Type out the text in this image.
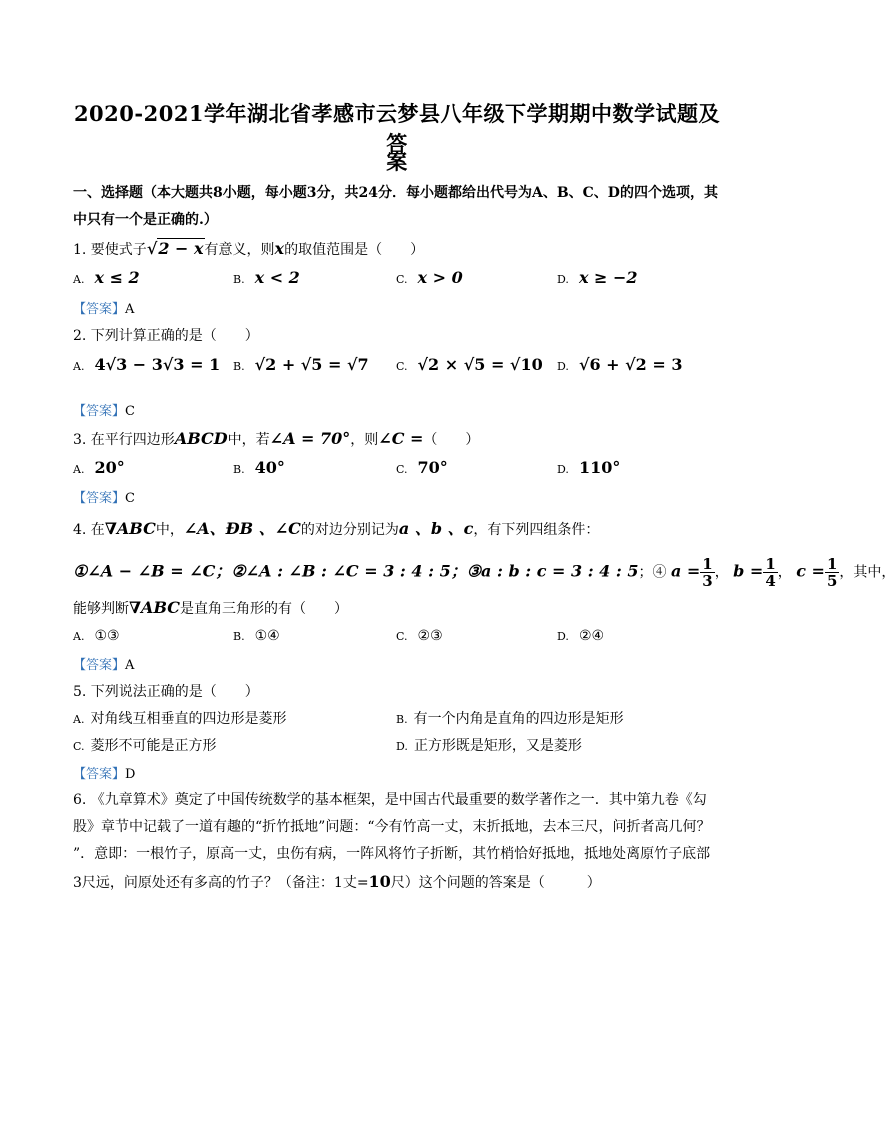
2020-2021学年湖北省孝感市云梦县八年级下学期期中数学试题及答
案
一、选择题（本大题共8小题，每小题3分，共24分．每小题都给出代号为A、B、C、D的四个选项，其
中只有一个是正确的.）
1. 要使式子√2 − x有意义，则x的取值范围是（　　）
A. x ≤ 2	B. x < 2	C. x > 0	D. x ≥ −2
【答案】A
2. 下列计算正确的是（　　）
A. 4√3 − 3√3 = 1 B. √2 + √5 = √7 C. √2 × √5 = √10 D. √6 + √2 = 3
【答案】C
3. 在平行四边形ABCD中，若∠A = 70°，则∠C =（　　）
A. 20°	B. 40°	C. 70°	D. 110°
【答案】C
4. 在∇ABC中，∠A、ÐB 、∠C的对边分别记为a 、b 、c，有下列四组条件：
①∠A − ∠B = ∠C；②∠A : ∠B : ∠C = 3 : 4 : 5；③a : b : c = 3 : 4 : 5；④ $a = \frac{1}{3}$ ， $b = \frac{1}{4}$ ， $c = \frac{1}{5}$ ，其中，
能够判断∇ABC是直角三角形的有（　　）
A. ①③	B. ①④	C. ②③	D. ②④
【答案】A
5. 下列说法正确的是（　　）
A. 对角线互相垂直的四边形是菱形	B. 有一个内角是直角的四边形是矩形
C. 菱形不可能是正方形	D. 正方形既是矩形，又是菱形
【答案】D
6. 《九章算术》奠定了中国传统数学的基本框架，是中国古代最重要的数学著作之一．其中第九卷《勾
股》章节中记载了一道有趣的“折竹抵地”问题：“今有竹高一丈，末折抵地，去本三尺，问折者高几何？
”．意即：一根竹子，原高一丈，虫伤有病，一阵风将竹子折断，其竹梢恰好抵地，抵地处离原竹子底部
3尺远，问原处还有多高的竹子？（备注：1丈=10尺）这个问题的答案是（　　　）
